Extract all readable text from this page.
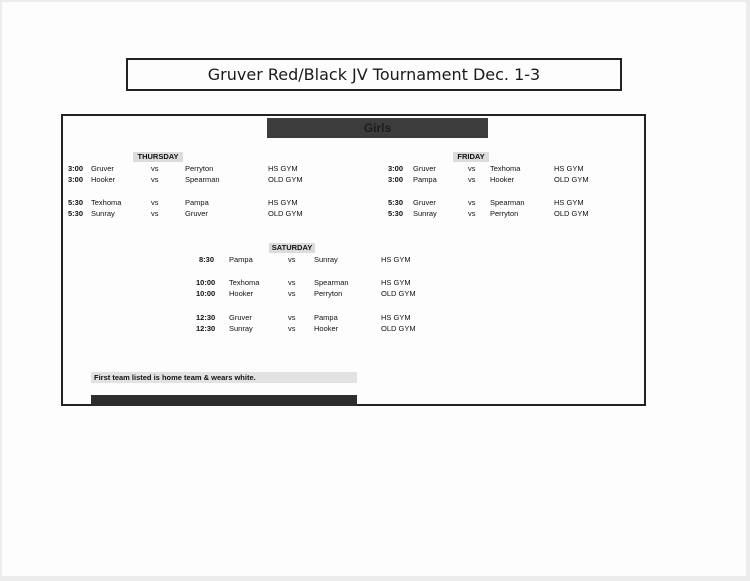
Gruver Red/Black JV Tournament Dec. 1-3
Girls
THURSDAY
3:00 Gruver	vs	Perryton	HS GYM
3:00 Hooker	vs	Spearman	OLD GYM
5:30 Texhoma	vs	Pampa	HS GYM
5:30 Sunray	vs	Gruver	OLD GYM
FRIDAY
3:00 Gruver	vs Texhoma	HS GYM
3:00 Pampa	vs Hooker	OLD GYM
5:30 Gruver	vs Spearman	HS GYM
5:30 Sunray	vs Perryton	OLD GYM
SATURDAY
8:30 Pampa	vs Sunray	HS GYM
10:00 Texhoma	vs Spearman	HS GYM
10:00 Hooker	vs Perryton	OLD GYM
12:30 Gruver	vs Pampa	HS GYM
12:30 Sunray	vs Hooker	OLD GYM
First team listed is home team & wears white.
